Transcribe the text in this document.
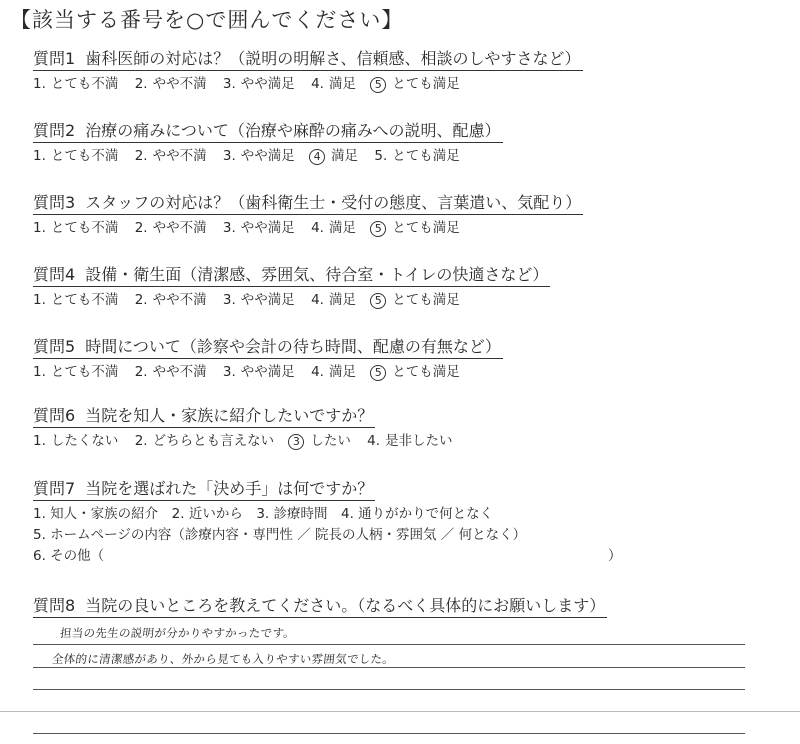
【該当する番号を○で囲んでください】
質問1 歯科医師の対応は？（説明の明解さ、信頼感、相談のしやすさなど）
1. とても不満 2. やや不満 3. やや満足 4. 満足 5 とても満足
質問2 治療の痛みについて（治療や麻酔の痛みへの説明、配慮）
1. とても不満 2. やや不満 3. やや満足 4 満足 5. とても満足
質問3 スタッフの対応は？（歯科衛生士・受付の態度、言葉遣い、気配り）
1. とても不満 2. やや不満 3. やや満足 4. 満足 5 とても満足
質問4 設備・衛生面（清潔感、雰囲気、待合室・トイレの快適さなど）
1. とても不満 2. やや不満 3. やや満足 4. 満足 5 とても満足
質問5 時間について（診察や会計の待ち時間、配慮の有無など）
1. とても不満 2. やや不満 3. やや満足 4. 満足 5 とても満足
質問6 当院を知人・家族に紹介したいですか？
1. したくない 2. どちらとも言えない 3 したい 4. 是非したい
質問7 当院を選ばれた「決め手」は何ですか？
1. 知人・家族の紹介　2. 近いから　3. 診療時間　4. 通りがかりで何となく
5. ホームページの内容（診療内容・専門性 ／ 院長の人柄・雰囲気 ／ 何となく）
6. その他（	）
質問8 当院の良いところを教えてください。（なるべく具体的にお願いします）
担当の先生の説明が分かりやすかったです。
全体的に清潔感があり、外から見ても入りやすい雰囲気でした。
